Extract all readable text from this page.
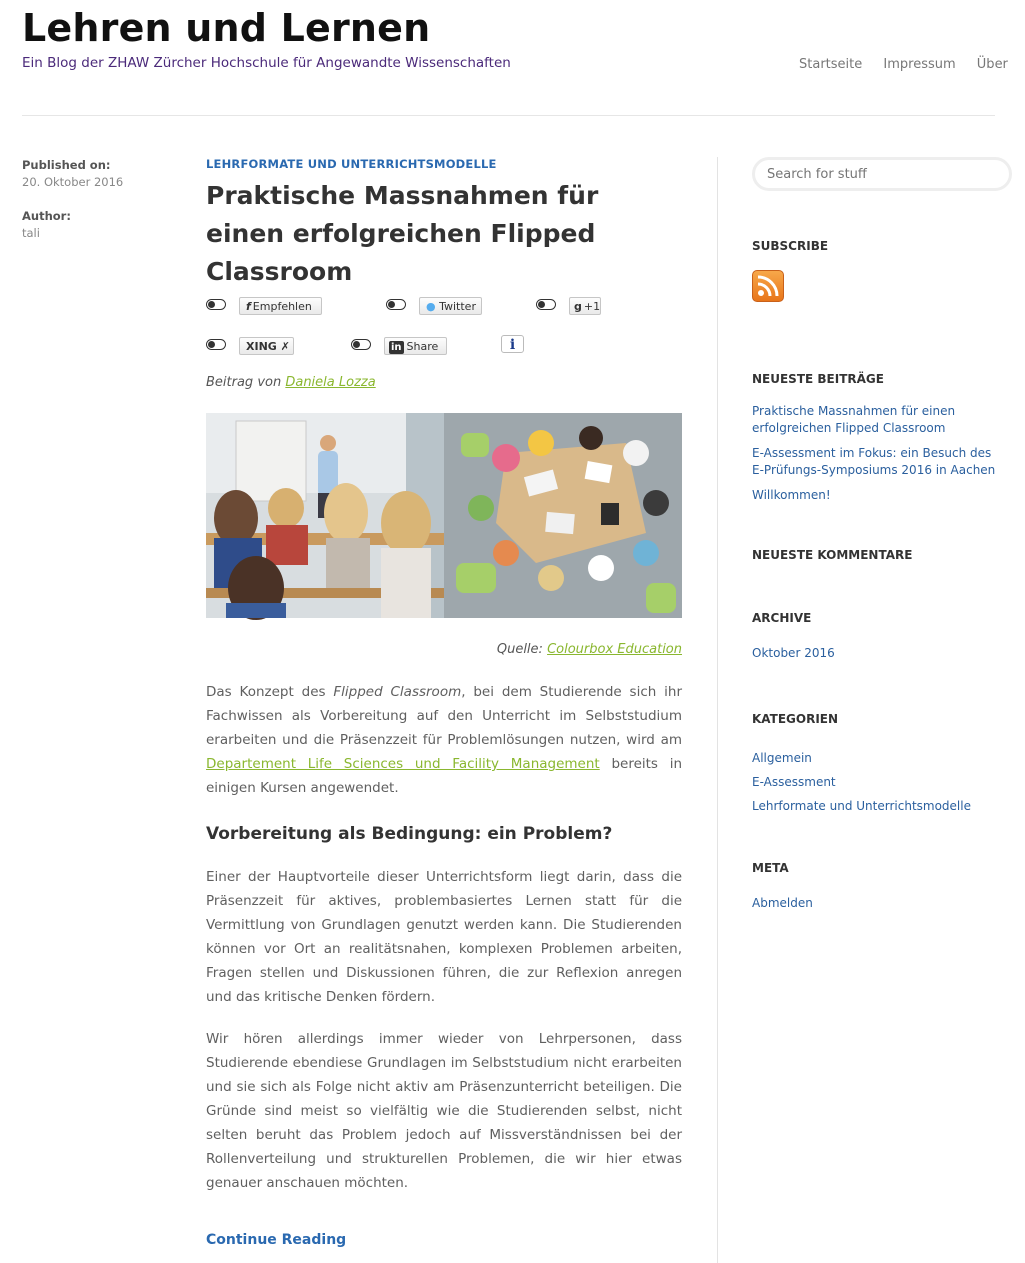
Lehren und Lernen
Ein Blog der ZHAW Zürcher Hochschule für Angewandte Wissenschaften	Startseite Impressum Über
Published on:
20. Oktober 2016
Author:
tali
LEHRFORMATE UND UNTERRICHTSMODELLE
Praktische Massnahmen für einen erfolgreichen Flipped Classroom
f Empfehlen	● Twitter	g +1
XING ✗	in Share	i
Beitrag von Daniela Lozza
Quelle: Colourbox Education

Das Konzept des Flipped Classroom, bei dem Studierende sich ihr Fachwissen als Vorbereitung auf den Unterricht im Selbststudium erarbeiten und die Präsenzzeit für Problemlösungen nutzen, wird am Departement Life Sciences und Facility Management bereits in einigen Kursen angewendet.

Vorbereitung als Bedingung: ein Problem?

Einer der Hauptvorteile dieser Unterrichtsform liegt darin, dass die Präsenzzeit für aktives, problembasiertes Lernen statt für die Vermittlung von Grundlagen genutzt werden kann. Die Studierenden können vor Ort an realitätsnahen, komplexen Problemen arbeiten, Fragen stellen und Diskussionen führen, die zur Reflexion anregen und das kritische Denken fördern.

Wir hören allerdings immer wieder von Lehrpersonen, dass Studierende ebendiese Grundlagen im Selbststudium nicht erarbeiten und sie sich als Folge nicht aktiv am Präsenzunterricht beteiligen. Die Gründe sind meist so vielfältig wie die Studierenden selbst, nicht selten beruht das Problem jedoch auf Missverständnissen bei der Rollenverteilung und strukturellen Problemen, die wir hier etwas genauer anschauen möchten.

Continue Reading
Search for stuff
SUBSCRIBE
NEUESTE BEITRÄGE
Praktische Massnahmen für einen erfolgreichen Flipped Classroom
E-Assessment im Fokus: ein Besuch des E-Prüfungs-Symposiums 2016 in Aachen
Willkommen!
NEUESTE KOMMENTARE
ARCHIVE
Oktober 2016
KATEGORIEN
Allgemein
E-Assessment
Lehrformate und Unterrichtsmodelle
META
Abmelden
